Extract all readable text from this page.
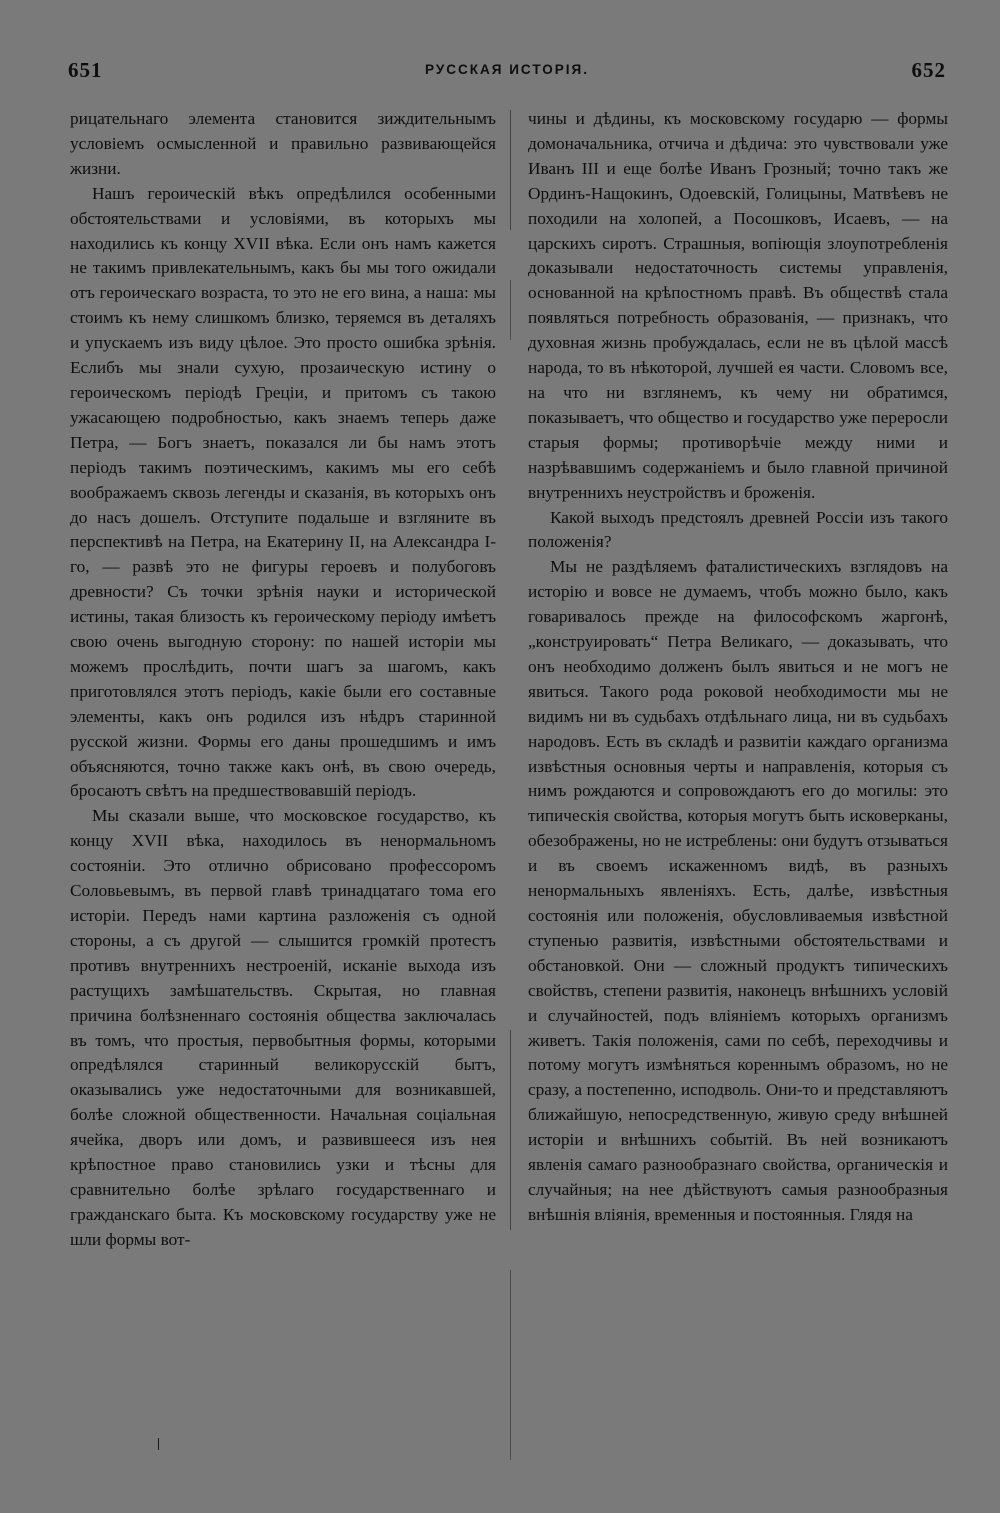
651	РУССКАЯ ИСТОРІЯ.	652

рицательнаго элемента становится зиждительнымъ условіемъ осмысленной и правильно развивающейся жизни.

Нашъ героическій вѣкъ опредѣлился особенными обстоятельствами и условіями, въ которыхъ мы находились къ концу XVII вѣка. Если онъ намъ кажется не такимъ привлекательнымъ, какъ бы мы того ожидали отъ героическаго возраста, то это не его вина, а наша: мы стоимъ къ нему слишкомъ близко, теряемся въ деталяхъ и упускаемъ изъ виду цѣлое. Это просто ошибка зрѣнія. Еслибъ мы знали сухую, прозаическую истину о героическомъ періодѣ Греціи, и притомъ съ такою ужасающею подробностью, какъ знаемъ теперь даже Петра, — Богъ знаетъ, показался ли бы намъ этотъ періодъ такимъ поэтическимъ, какимъ мы его себѣ воображаемъ сквозь легенды и сказанія, въ которыхъ онъ до насъ дошелъ. Отступите подальше и взгляните въ перспективѣ на Петра, на Екатерину II, на Александра I-го, — развѣ это не фигуры героевъ и полубоговъ древности? Съ точки зрѣнія науки и исторической истины, такая близость къ героическому періоду имѣетъ свою очень выгодную сторону: по нашей исторіи мы можемъ прослѣдить, почти шагъ за шагомъ, какъ приготовлялся этотъ періодъ, какіе были его составные элементы, какъ онъ родился изъ нѣдръ старинной русской жизни. Формы его даны прошедшимъ и имъ объясняются, точно также какъ онѣ, въ свою очередь, бросаютъ свѣтъ на предшествовавшій періодъ.

Мы сказали выше, что московское государство, къ концу XVII вѣка, находилось въ ненормальномъ состояніи. Это отлично обрисовано профессоромъ Соловьевымъ, въ первой главѣ тринадцатаго тома его исторіи. Передъ нами картина разложенія съ одной стороны, а съ другой — слышится громкій протестъ противъ внутреннихъ нестроеній, исканіе выхода изъ растущихъ замѣшательствъ. Скрытая, но главная причина болѣзненнаго состоянія общества заключалась въ томъ, что простыя, первобытныя формы, которыми опредѣлялся старинный великорусскій бытъ, оказывались уже недостаточными для возникавшей, болѣе сложной общественности. Начальная соціальная ячейка, дворъ или домъ, и развившееся изъ нея крѣпостное право становились узки и тѣсны для сравнительно болѣе зрѣлаго государственнаго и гражданскаго быта. Къ московскому государству уже не шли формы вот-

чины и дѣдины, къ московскому государю — формы домоначальника, отчича и дѣдича: это чувствовали уже Иванъ III и еще болѣе Иванъ Грозный; точно такъ же Ординъ-Нащокинъ, Одоевскій, Голицыны, Матвѣевъ не походили на холопей, а Посошковъ, Исаевъ, — на царскихъ сиротъ. Страшныя, вопіющія злоупотребленія доказывали недостаточность системы управленія, основанной на крѣпостномъ правѣ. Въ обществѣ стала появляться потребность образованія, — признакъ, что духовная жизнь пробуждалась, если не въ цѣлой массѣ народа, то въ нѣкоторой, лучшей ея части. Словомъ все, на что ни взглянемъ, къ чему ни обратимся, показываетъ, что общество и государство уже переросли старыя формы; противорѣчіе между ними и назрѣвавшимъ содержаніемъ и было главной причиной внутреннихъ неустройствъ и броженія.

Какой выходъ предстоялъ древней Россіи изъ такого положенія?

Мы не раздѣляемъ фаталистическихъ взглядовъ на исторію и вовсе не думаемъ, чтобъ можно было, какъ говаривалось прежде на философскомъ жаргонѣ, „конструировать“ Петра Великаго, — доказывать, что онъ необходимо долженъ былъ явиться и не могъ не явиться. Такого рода роковой необходимости мы не видимъ ни въ судьбахъ отдѣльнаго лица, ни въ судьбахъ народовъ. Есть въ складѣ и развитіи каждаго организма извѣстныя основныя черты и направленія, которыя съ нимъ рождаются и сопровождаютъ его до могилы: это типическія свойства, которыя могутъ быть исковерканы, обезображены, но не истреблены: они будутъ отзываться и въ своемъ искаженномъ видѣ, въ разныхъ ненормальныхъ явленіяхъ. Есть, далѣе, извѣстныя состоянія или положенія, обусловливаемыя извѣстной ступенью развитія, извѣстными обстоятельствами и обстановкой. Они — сложный продуктъ типическихъ свойствъ, степени развитія, наконецъ внѣшнихъ условій и случайностей, подъ вліяніемъ которыхъ организмъ живетъ. Такія положенія, сами по себѣ, переходчивы и потому могутъ измѣняться кореннымъ образомъ, но не сразу, а постепенно, исподволь. Они-то и представляютъ ближайшую, непосредственную, живую среду внѣшней исторіи и внѣшнихъ событій. Въ ней возникаютъ явленія самаго разнообразнаго свойства, органическія и случайныя; на нее дѣйствуютъ самыя разнообразныя внѣшнія вліянія, временныя и постоянныя. Глядя на
